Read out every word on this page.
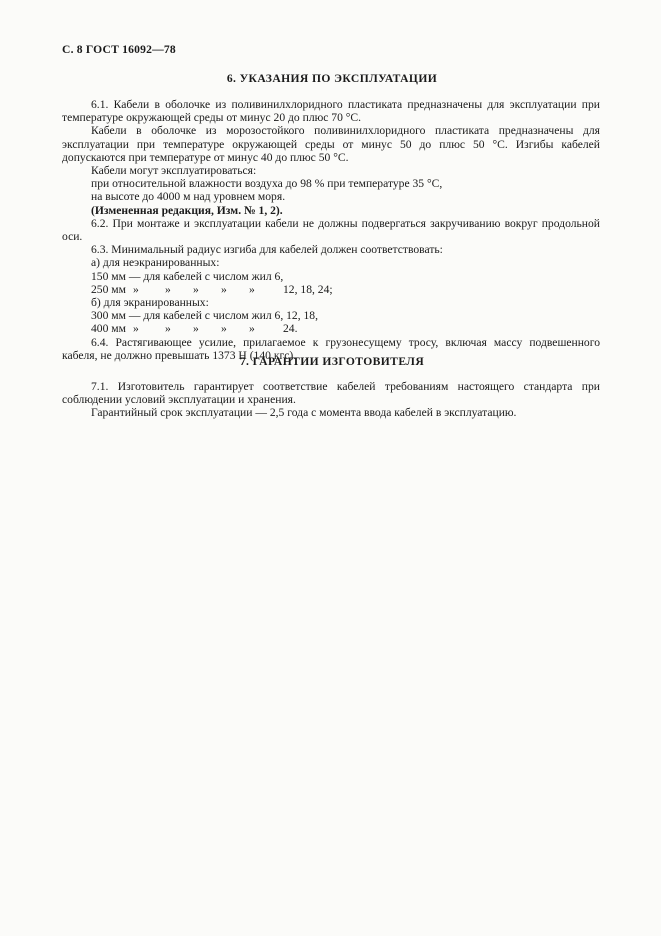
С. 8 ГОСТ 16092—78
6. УКАЗАНИЯ ПО ЭКСПЛУАТАЦИИ

6.1. Кабели в оболочке из поливинилхлоридного пластиката предназначены для эксплуатации при температуре окружающей среды от минус 20 до плюс 70 °С.

Кабели в оболочке из морозостойкого поливинилхлоридного пластиката предназначены для эксплуатации при температуре окружающей среды от минус 50 до плюс 50 °С. Изгибы кабелей допускаются при температуре от минус 40 до плюс 50 °С.

Кабели могут эксплуатироваться:

при относительной влажности воздуха до 98 % при температуре 35 °С,

на высоте до 4000 м над уровнем моря.

(Измененная редакция, Изм. № 1, 2).

6.2. При монтаже и эксплуатации кабели не должны подвергаться закручиванию вокруг продольной оси.

6.3. Минимальный радиус изгиба для кабелей должен соответствовать:

а) для неэкранированных:

150 мм — для кабелей с числом жил 6,

250 мм »	»	»	»	»	12, 18, 24;

б) для экранированных:

300 мм — для кабелей с числом жил 6, 12, 18,

400 мм »	»	»	»	»	24.

6.4. Растягивающее усилие, прилагаемое к грузонесущему тросу, включая массу подвешенного кабеля, не должно превышать 1373 Н (140 кгс).

7. ГАРАНТИИ ИЗГОТОВИТЕЛЯ

7.1. Изготовитель гарантирует соответствие кабелей требованиям настоящего стандарта при соблюдении условий эксплуатации и хранения.

Гарантийный срок эксплуатации — 2,5 года с момента ввода кабелей в эксплуатацию.
